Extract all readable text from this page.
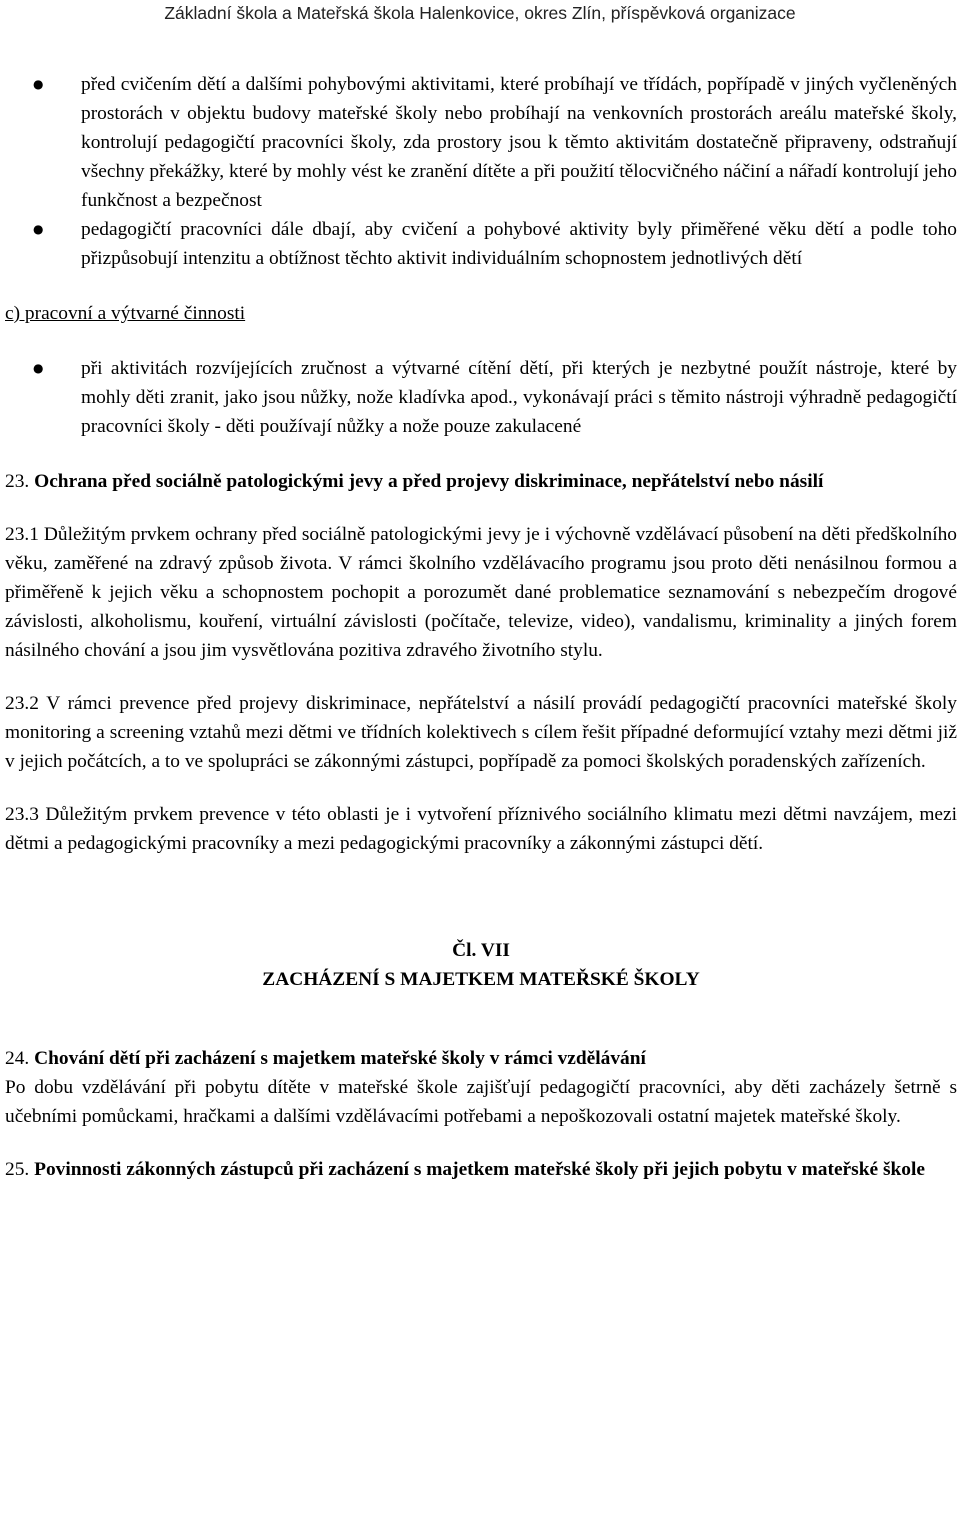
Základní škola a Mateřská škola Halenkovice, okres Zlín, příspěvková organizace
● před cvičením dětí a dalšími pohybovými aktivitami, které probíhají ve třídách, popřípadě v jiných vyčleněných prostorách v objektu budovy mateřské školy nebo probíhají na venkovních prostorách areálu mateřské školy, kontrolují pedagogičtí pracovníci školy, zda prostory jsou k těmto aktivitám dostatečně připraveny, odstraňují všechny překážky, které by mohly vést ke zranění dítěte a při použití tělocvičného náčiní a nářadí kontrolují jeho funkčnost a bezpečnost
● pedagogičtí pracovníci dále dbají, aby cvičení a pohybové aktivity byly přiměřené věku dětí a podle toho přizpůsobují intenzitu a obtížnost těchto aktivit individuálním schopnostem jednotlivých dětí

c) pracovní a výtvarné činnosti

● při aktivitách rozvíjejících zručnost a výtvarné cítění dětí, při kterých je nezbytné použít nástroje, které by mohly děti zranit, jako jsou nůžky, nože kladívka apod., vykonávají práci s těmito nástroji výhradně pedagogičtí pracovníci školy - děti používají nůžky a nože pouze zakulacené

23. Ochrana před sociálně patologickými jevy a před projevy diskriminace, nepřátelství nebo násilí

23.1 Důležitým prvkem ochrany před sociálně patologickými jevy je i výchovně vzdělávací působení na děti předškolního věku, zaměřené na zdravý způsob života. V rámci školního vzdělávacího programu jsou proto děti nenásilnou formou a přiměřeně k jejich věku a schopnostem pochopit a porozumět dané problematice seznamování s nebezpečím drogové závislosti, alkoholismu, kouření, virtuální závislosti (počítače, televize, video), vandalismu, kriminality a jiných forem násilného chování a jsou jim vysvětlována pozitiva zdravého životního stylu.

23.2 V rámci prevence před projevy diskriminace, nepřátelství a násilí provádí pedagogičtí pracovníci mateřské školy monitoring a screening vztahů mezi dětmi ve třídních kolektivech s cílem řešit případné deformující vztahy mezi dětmi již v jejich počátcích, a to ve spolupráci se zákonnými zástupci, popřípadě za pomoci školských poradenských zařízeních.

23.3 Důležitým prvkem prevence v této oblasti je i vytvoření příznivého sociálního klimatu mezi dětmi navzájem, mezi dětmi a pedagogickými pracovníky a mezi pedagogickými pracovníky a zákonnými zástupci dětí.

Čl. VII

ZACHÁZENÍ S MAJETKEM MATEŘSKÉ ŠKOLY

24. Chování dětí při zacházení s majetkem mateřské školy v rámci vzdělávání

Po dobu vzdělávání při pobytu dítěte v mateřské škole zajišťují pedagogičtí pracovníci, aby děti zacházely šetrně s učebními pomůckami, hračkami a dalšími vzdělávacími potřebami a nepoškozovali ostatní majetek mateřské školy.

25. Povinnosti zákonných zástupců při zacházení s majetkem mateřské školy při jejich pobytu v mateřské škole
